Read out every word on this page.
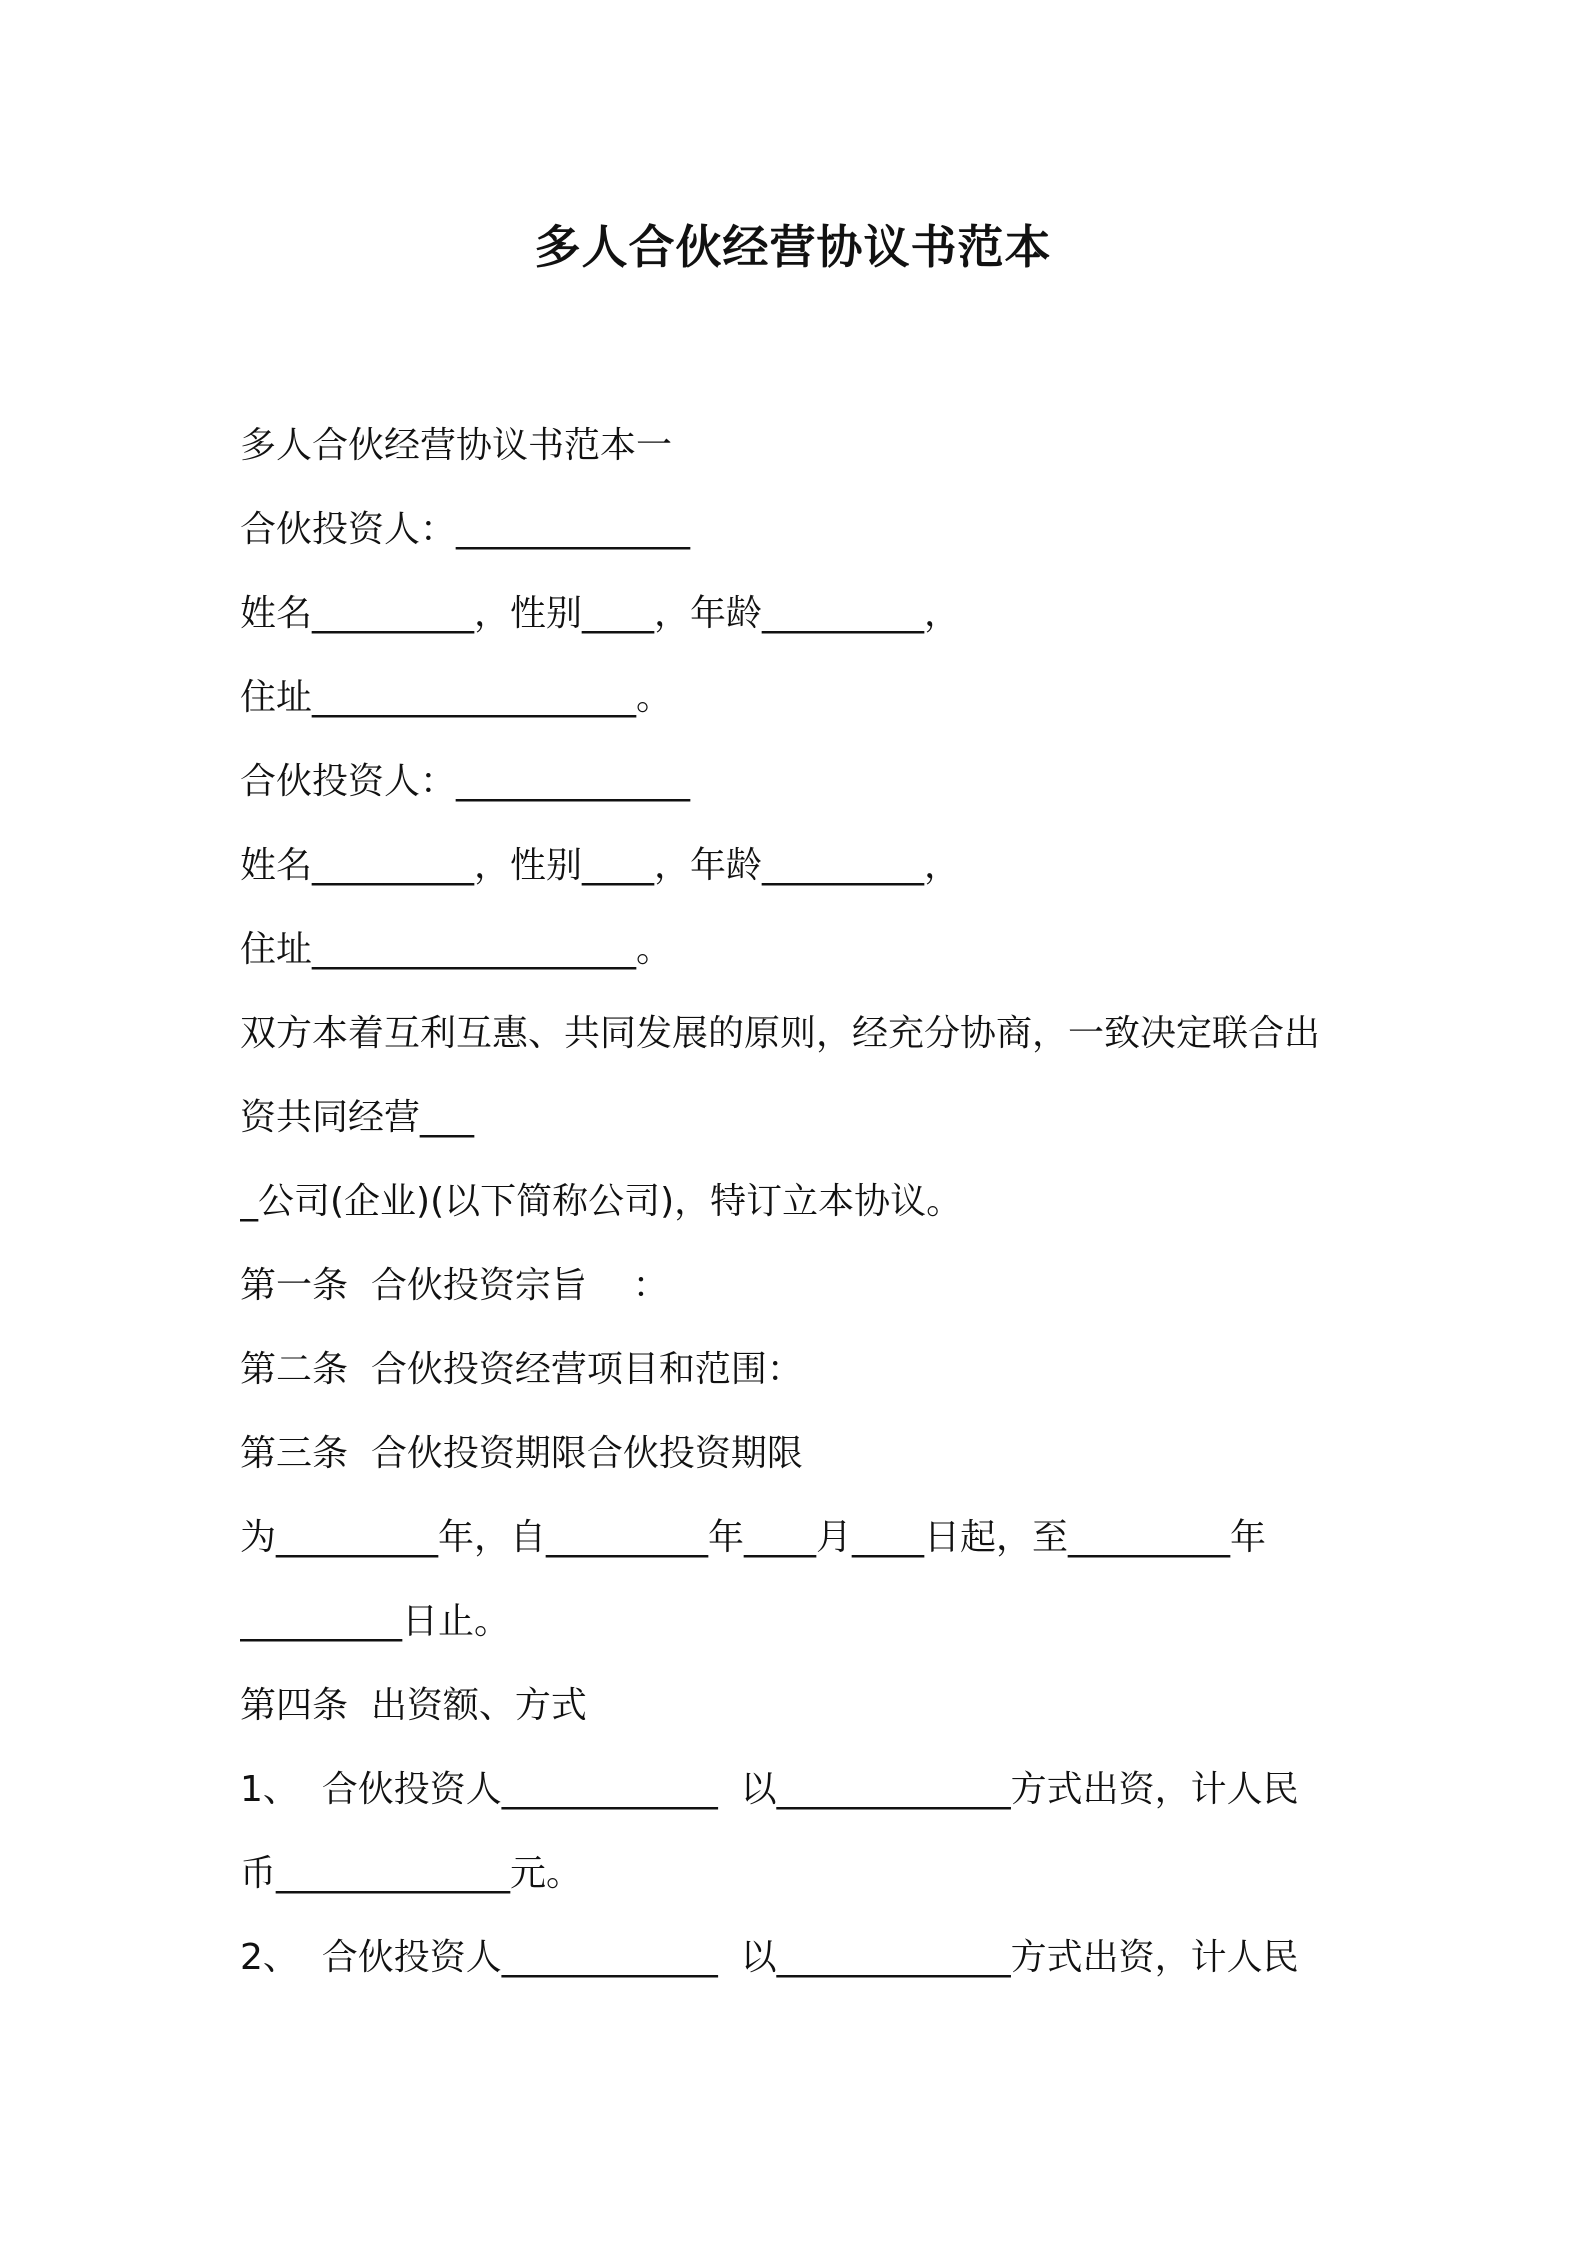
多人合伙经营协议书范本
多人合伙经营协议书范本一
合伙投资人：_____________
姓名_________，性别____，年龄_________，
住址__________________。
合伙投资人：_____________
姓名_________，性别____，年龄_________，
住址__________________。
双方本着互利互惠、共同发展的原则，经充分协商，一致决定联合出
资共同经营___
_公司(企业)(以下简称公司)，特订立本协议。
第一条  合伙投资宗旨    ：
第二条  合伙投资经营项目和范围：
第三条  合伙投资期限合伙投资期限
为_________年，自_________年____月____日起，至_________年
_________日止。
第四条  出资额、方式
1、  合伙投资人____________  以_____________方式出资，计人民
币_____________元。
2、  合伙投资人____________  以_____________方式出资，计人民
